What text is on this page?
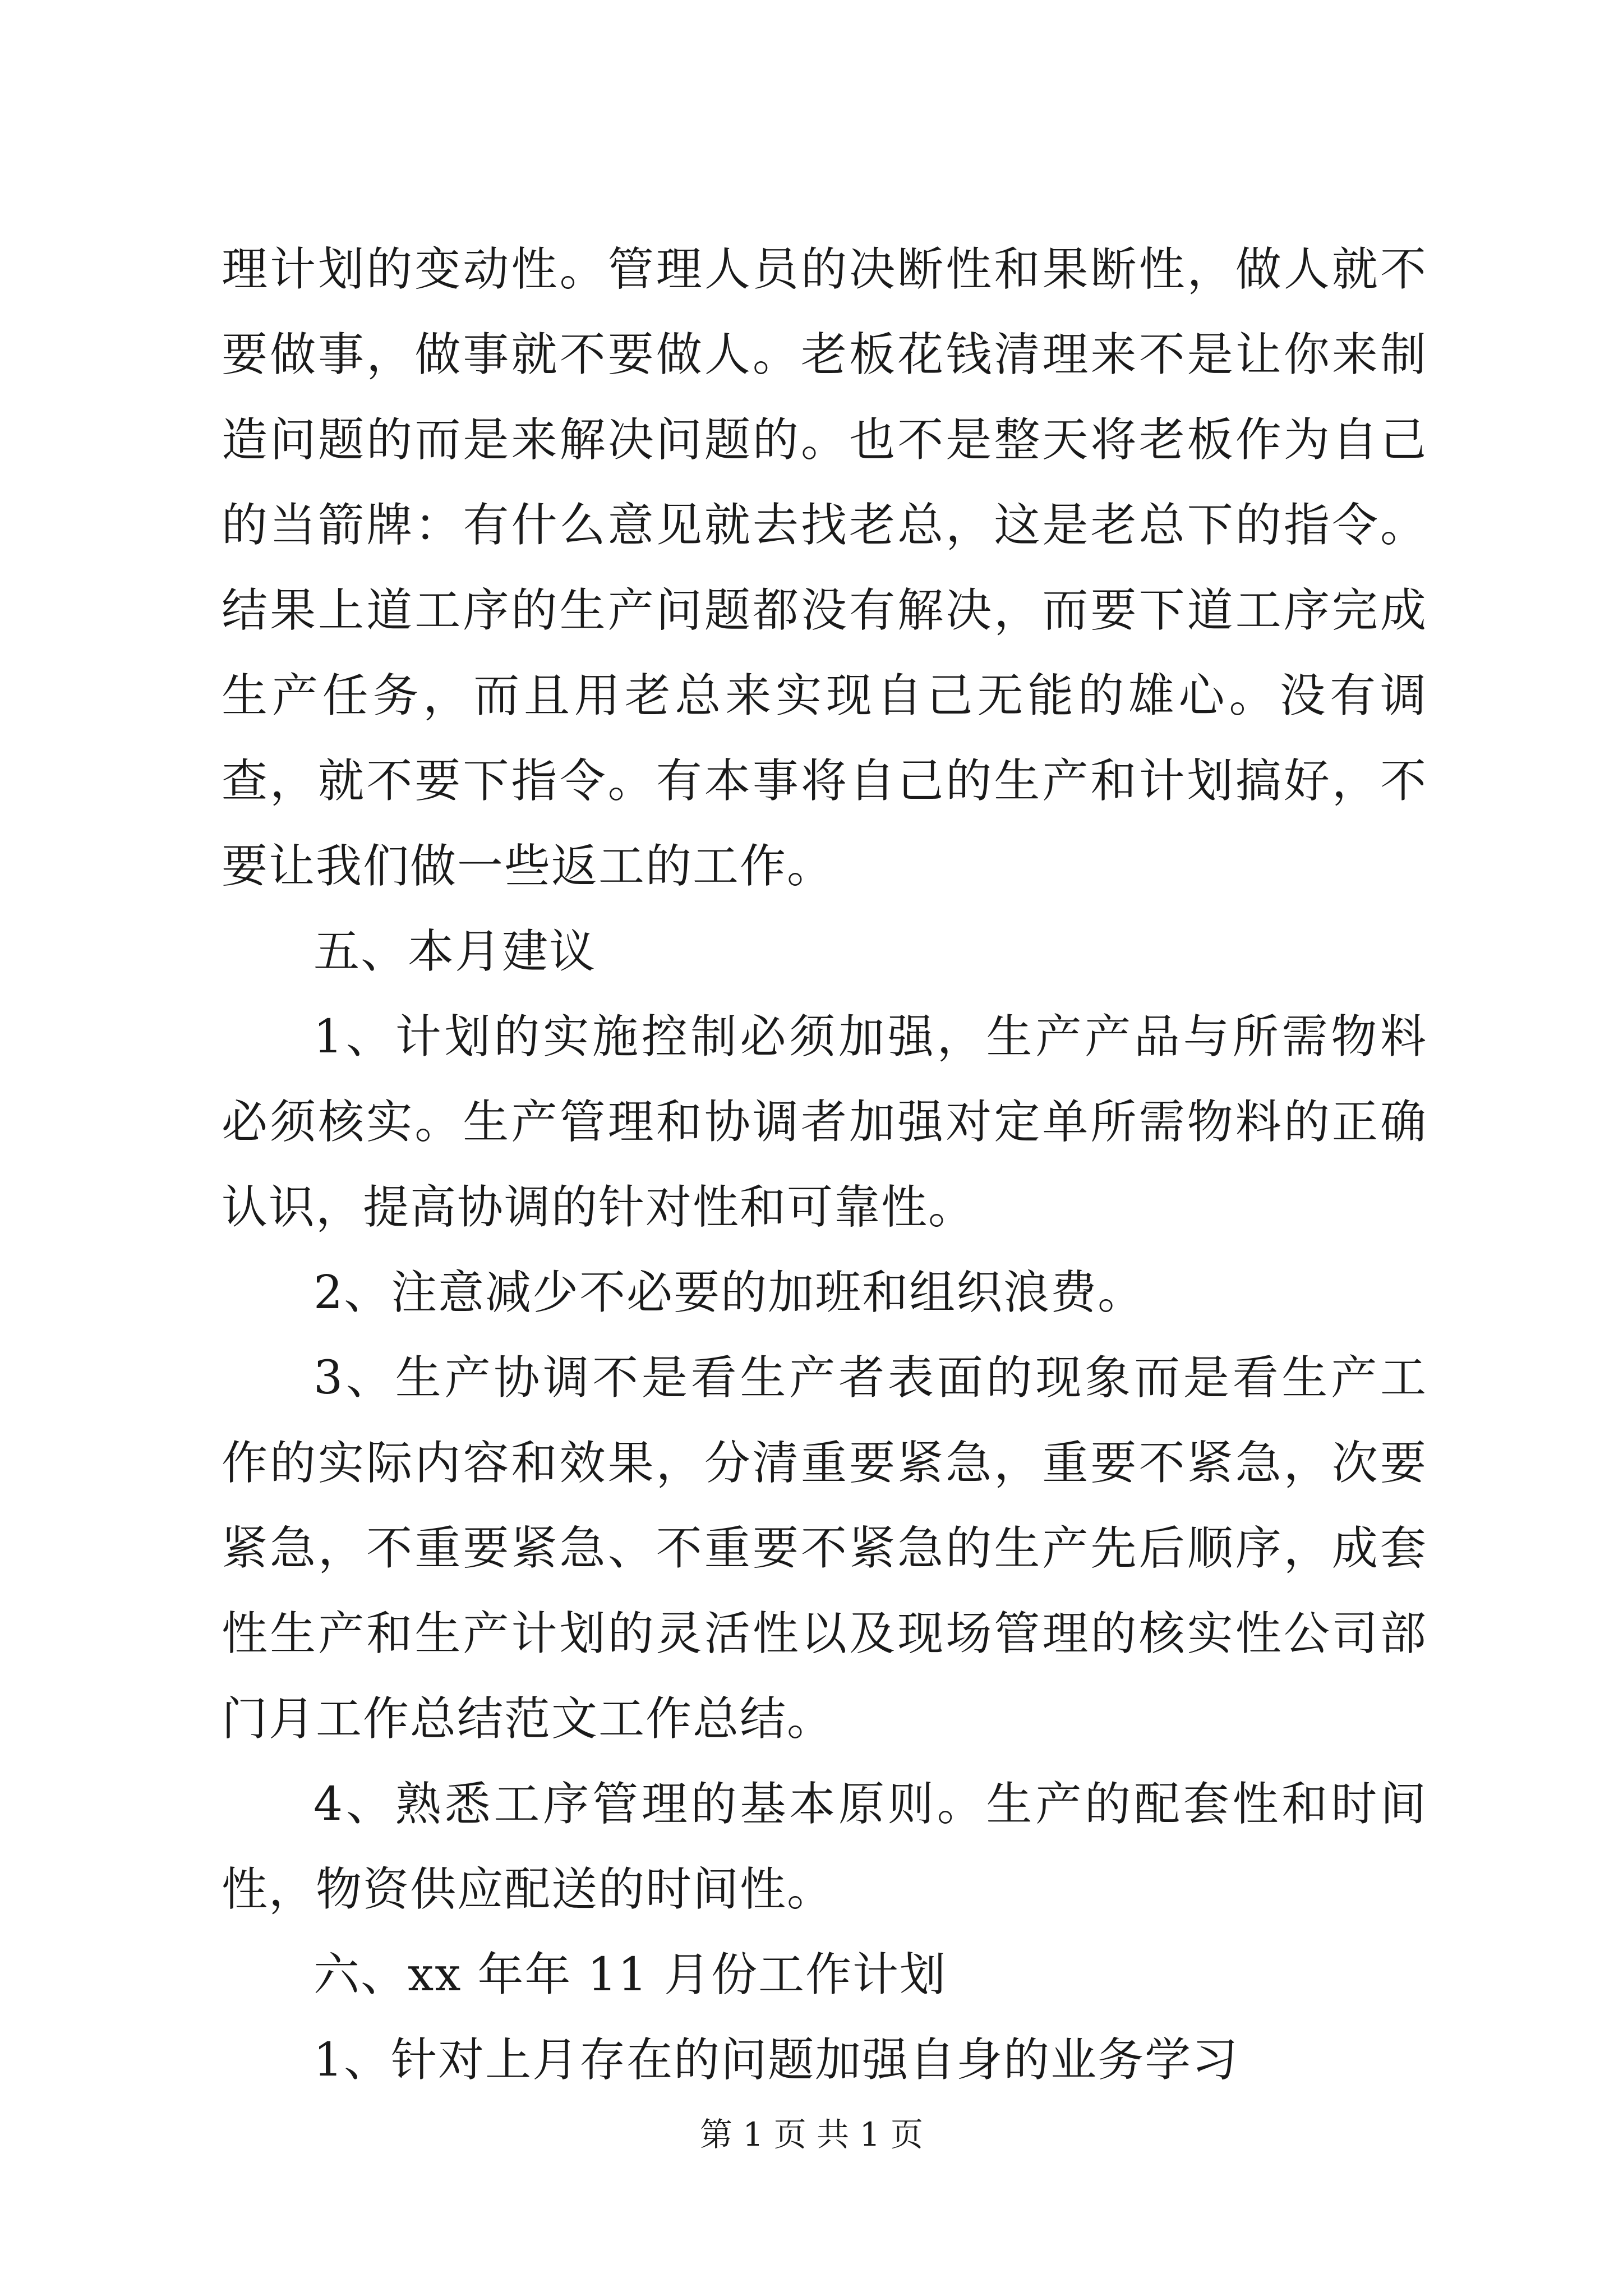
理计划的变动性。管理人员的决断性和果断性，做人就不要做事，做事就不要做人。老板花钱清理来不是让你来制造问题的而是来解决问题的。也不是整天将老板作为自己的当箭牌：有什么意见就去找老总，这是老总下的指令。结果上道工序的生产问题都没有解决，而要下道工序完成生产任务，而且用老总来实现自己无能的雄心。没有调查，就不要下指令。有本事将自己的生产和计划搞好，不要让我们做一些返工的工作。

五、本月建议

1、计划的实施控制必须加强，生产产品与所需物料必须核实。生产管理和协调者加强对定单所需物料的正确认识，提高协调的针对性和可靠性。

2、注意减少不必要的加班和组织浪费。

3、生产协调不是看生产者表面的现象而是看生产工作的实际内容和效果，分清重要紧急，重要不紧急，次要紧急，不重要紧急、不重要不紧急的生产先后顺序，成套性生产和生产计划的灵活性以及现场管理的核实性公司部门月工作总结范文工作总结。

4、熟悉工序管理的基本原则。生产的配套性和时间性，物资供应配送的时间性。

六、xx 年年 11 月份工作计划

1、针对上月存在的问题加强自身的业务学习

第 1 页 共 1 页
